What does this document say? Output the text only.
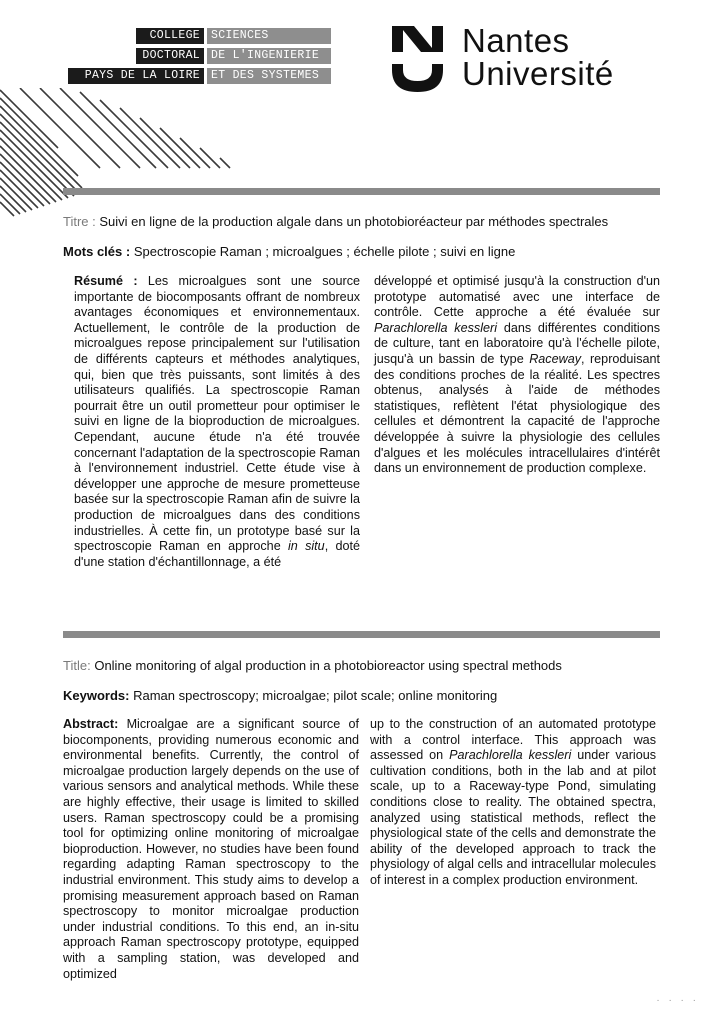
COLLEGE SCIENCES
DOCTORAL DE L'INGENIERIE
PAYS DE LA LOIRE ET DES SYSTEMES
Nantes
Université
Titre : Suivi en ligne de la production algale dans un photobioréacteur par méthodes spectrales
Mots clés : Spectroscopie Raman ; microalgues ; échelle pilote ; suivi en ligne
Résumé : Les microalgues sont une source importante de biocomposants offrant de nombreux avantages économiques et environnementaux. Actuellement, le contrôle de la production de microalgues repose principalement sur l'utilisation de différents capteurs et méthodes analytiques, qui, bien que très puissants, sont limités à des utilisateurs qualifiés. La spectroscopie Raman pourrait être un outil prometteur pour optimiser le suivi en ligne de la bioproduction de microalgues. Cependant, aucune étude n'a été trouvée concernant l'adaptation de la spectroscopie Raman à l'environnement industriel. Cette étude vise à développer une approche de mesure prometteuse basée sur la spectroscopie Raman afin de suivre la production de microalgues dans des conditions industrielles. À cette fin, un prototype basé sur la spectroscopie Raman en approche in situ, doté d'une station d'échantillonnage, a été
développé et optimisé jusqu'à la construction d'un prototype automatisé avec une interface de contrôle. Cette approche a été évaluée sur Parachlorella kessleri dans différentes conditions de culture, tant en laboratoire qu'à l'échelle pilote, jusqu'à un bassin de type Raceway, reproduisant des conditions proches de la réalité. Les spectres obtenus, analysés à l'aide de méthodes statistiques, reflètent l'état physiologique des cellules et démontrent la capacité de l'approche développée à suivre la physiologie des cellules d'algues et les molécules intracellulaires d'intérêt dans un environnement de production complexe.
Title: Online monitoring of algal production in a photobioreactor using spectral methods
Keywords: Raman spectroscopy; microalgae; pilot scale; online monitoring
Abstract: Microalgae are a significant source of biocomponents, providing numerous economic and environmental benefits. Currently, the control of microalgae production largely depends on the use of various sensors and analytical methods. While these are highly effective, their usage is limited to skilled users. Raman spectroscopy could be a promising tool for optimizing online monitoring of microalgae bioproduction. However, no studies have been found regarding adapting Raman spectroscopy to the industrial environment. This study aims to develop a promising measurement approach based on Raman spectroscopy to monitor microalgae production under industrial conditions. To this end, an in-situ approach Raman spectroscopy prototype, equipped with a sampling station, was developed and optimized
up to the construction of an automated prototype with a control interface. This approach was assessed on Parachlorella kessleri under various cultivation conditions, both in the lab and at pilot scale, up to a Raceway-type Pond, simulating conditions close to reality. The obtained spectra, analyzed using statistical methods, reflect the physiological state of the cells and demonstrate the ability of the developed approach to track the physiology of algal cells and intracellular molecules of interest in a complex production environment.
· · · ·
